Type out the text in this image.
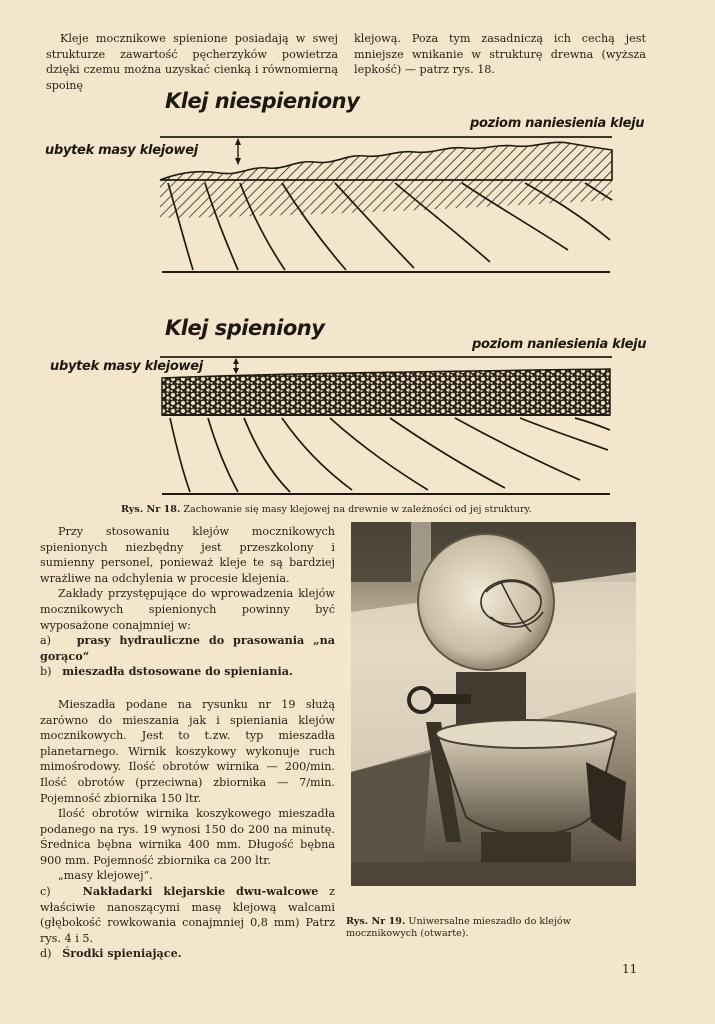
Kleje mocznikowe spienione posiadają w swej strukturze zawartość pęcherzyków powietrza dzięki czemu można uzyskać cienką i równomierną spoinę
klejową. Poza tym zasadniczą ich cechą jest mniejsze wnikanie w strukturę drewna (wyższa lepkość) — patrz rys. 18.
Klej niespieniony
poziom naniesienia kleju
ubytek masy klejowej
Klej spieniony
poziom naniesienia kleju
ubytek masy klejowej
Rys. Nr 18. Zachowanie się masy klejowej na drewnie w zależności od jej struktury.

Przy stosowaniu klejów mocznikowych spienionych niezbędny jest przeszkolony i sumienny personel, ponieważ kleje te są bardziej wrażliwe na odchylenia w procesie klejenia.

Zakłady przystępujące do wprowadzenia klejów mocznikowych spienionych powinny być wyposażone conajmniej w:

a) prasy hydrauliczne do prasowania „na gorąco“

b) mieszadła dstosowane do spieniania.

Mieszadła podane na rysunku nr 19 służą zarówno do mieszania jak i spieniania klejów mocznikowych. Jest to t.zw. typ mieszadła planetarnego. Wirnik koszykowy wykonuje ruch mimośrodowy. Ilość obrotów wirnika — 200/min. Ilość obrotów (przeciwna) zbiornika — 7/min. Pojemność zbiornika 150 ltr.

Ilość obrotów wirnika koszykowego mieszadła podanego na rys. 19 wynosi 150 do 200 na minutę. Średnica bębna wirnika 400 mm. Długość bębna 900 mm. Pojemność zbiornika ca 200 ltr.

„masy klejowej“.

c)	Nakładarki klejarskie dwu-walcowe z właściwie nanoszącymi masę klejową walcami (głębokość rowkowania conajmniej 0,8 mm) Patrz rys. 4 i 5.

d) Środki spieniające.

Rys. Nr 19. Uniwersalne mieszadło do klejów mocznikowych (otwarte).
11
